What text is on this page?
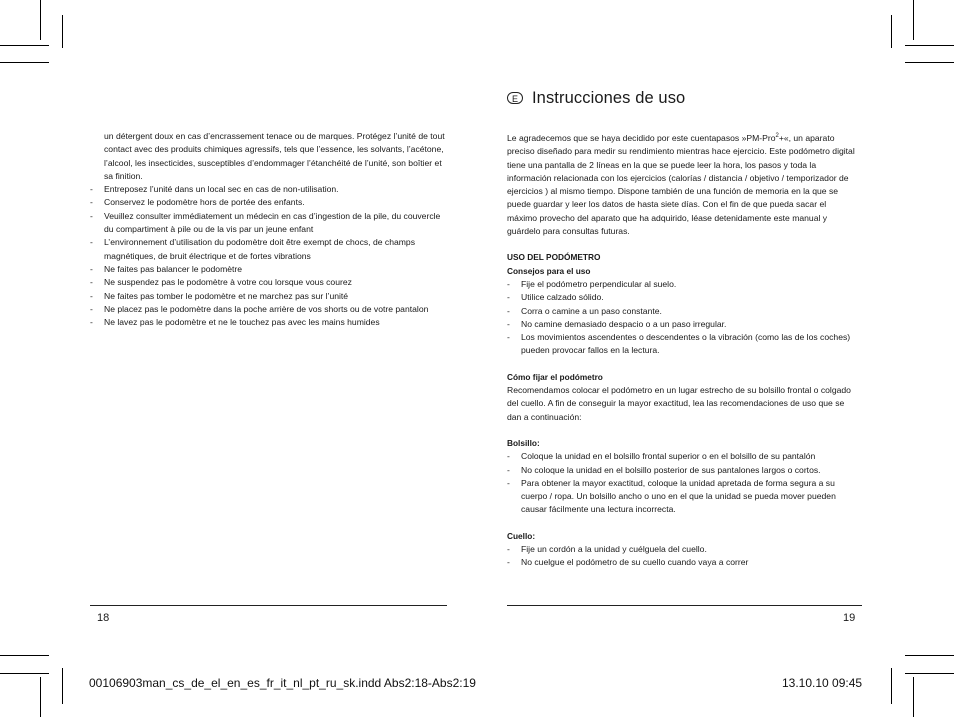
un détergent doux en cas d’encrassement tenace ou de marques. Protégez l’unité de tout contact avec des produits chimiques agressifs, tels que l’essence, les solvants, l’acétone, l’alcool, les insecticides, susceptibles d’endommager l’étanchéité de l’unité, son boîtier et sa finition.

- Entreposez l’unité dans un local sec en cas de non-utilisation.
- Conservez le podomètre hors de portée des enfants.
- Veuillez consulter immédiatement un médecin en cas d’ingestion de la pile, du couvercle du compartiment à pile ou de la vis par un jeune enfant
- L’environnement d’utilisation du podomètre doit être exempt de chocs, de champs magnétiques, de bruit électrique et de fortes vibrations
- Ne faites pas balancer le podomètre
- Ne suspendez pas le podomètre à votre cou lorsque vous courez
- Ne faites pas tomber le podomètre et ne marchez pas sur l’unité
- Ne placez pas le podomètre dans la poche arrière de vos shorts ou de votre pantalon
- Ne lavez pas le podomètre et ne le touchez pas avec les mains humides
18
E Instrucciones de uso

Le agradecemos que se haya decidido por este cuentapasos »PM-Pro$^2$+«, un aparato preciso diseñado para medir su rendimiento mientras hace ejercicio. Este podómetro digital tiene una pantalla de 2 líneas en la que se puede leer la hora, los pasos y toda la información relacionada con los ejercicios (calorías / distancia / objetivo / temporizador de ejercicios ) al mismo tiempo. Dispone también de una función de memoria en la que se puede guardar y leer los datos de hasta siete días. Con el fin de que pueda sacar el máximo provecho del aparato que ha adquirido, léase detenidamente este manual y guárdelo para consultas futuras.

USO DEL PODÓMETRO

Consejos para el uso

- Fije el podómetro perpendicular al suelo.
- Utilice calzado sólido.
- Corra o camine a un paso constante.
- No camine demasiado despacio o a un paso irregular.
- Los movimientos ascendentes o descendentes o la vibración (como las de los coches) pueden provocar fallos en la lectura.

Cómo fijar el podómetro

Recomendamos colocar el podómetro en un lugar estrecho de su bolsillo frontal o colgado del cuello. A fin de conseguir la mayor exactitud, lea las recomendaciones de uso que se dan a continuación:

Bolsillo:

- Coloque la unidad en el bolsillo frontal superior o en el bolsillo de su pantalón
- No coloque la unidad en el bolsillo posterior de sus pantalones largos o cortos.
- Para obtener la mayor exactitud, coloque la unidad apretada de forma segura a su cuerpo / ropa. Un bolsillo ancho o uno en el que la unidad se pueda mover pueden causar fácilmente una lectura incorrecta.

Cuello:

- Fije un cordón a la unidad y cuélguela del cuello.
- No cuelgue el podómetro de su cuello cuando vaya a correr
19
00106903man_cs_de_el_en_es_fr_it_nl_pt_ru_sk.indd Abs2:18-Abs2:19	13.10.10 09:45
